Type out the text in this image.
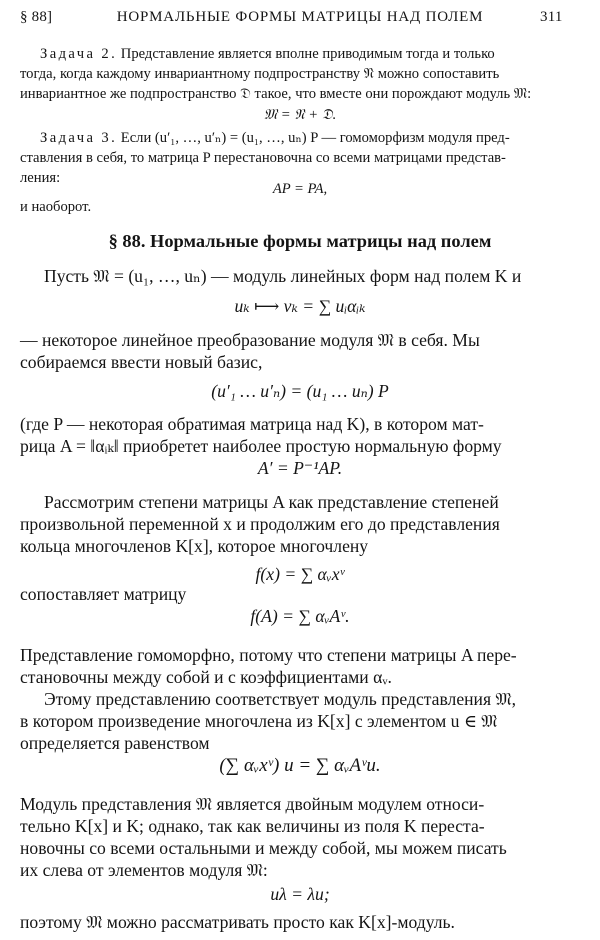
§ 88]	НОРМАЛЬНЫЕ ФОРМЫ МАТРИЦЫ НАД ПОЛЕМ	311
Задача 2. Представление является вполне приводимым тогда и только
тогда, когда каждому инвариантному подпространству 𝔑 можно сопоставить
инвариантное же подпространство 𝔇 такое, что вместе они порождают модуль 𝔐:
𝔐 = 𝔑 + 𝔇.
Задача 3. Если (u′₁, …, u′ₙ) = (u₁, …, uₙ) P — гомоморфизм модуля пред-
ставления в себя, то матрица P перестановочна со всеми матрицами представ-
ления:
AP = PA,
и наоборот.
§ 88. Нормальные формы матрицы над полем
Пусть 𝔐 = (u₁, …, uₙ) — модуль линейных форм над полем K и
uₖ ⟼ vₖ = ∑ uᵢαᵢₖ
— некоторое линейное преобразование модуля 𝔐 в себя. Мы
собираемся ввести новый базис,
(u′₁ … u′ₙ) = (u₁ … uₙ) P
(где P — некоторая обратимая матрица над K), в котором мат-
рица A = ‖αᵢₖ‖ приобретет наиболее простую нормальную форму
A′ = P⁻¹AP.
Рассмотрим степени матрицы A как представление степеней
произвольной переменной x и продолжим его до представления
кольца многочленов K[x], которое многочлену
f(x) = ∑ αᵥxᵛ
сопоставляет матрицу
f(A) = ∑ αᵥAᵛ.
Представление гомоморфно, потому что степени матрицы A пере-
становочны между собой и с коэффициентами αᵥ.
Этому представлению соответствует модуль представления 𝔐,
в котором произведение многочлена из K[x] с элементом u ∈ 𝔐
определяется равенством
(∑ αᵥxᵛ) u = ∑ αᵥAᵛu.
Модуль представления 𝔐 является двойным модулем относи-
тельно K[x] и K; однако, так как величины из поля K переста-
новочны со всеми остальными и между собой, мы можем писать
их слева от элементов модуля 𝔐:
uλ = λu;
поэтому 𝔐 можно рассматривать просто как K[x]-модуль.
